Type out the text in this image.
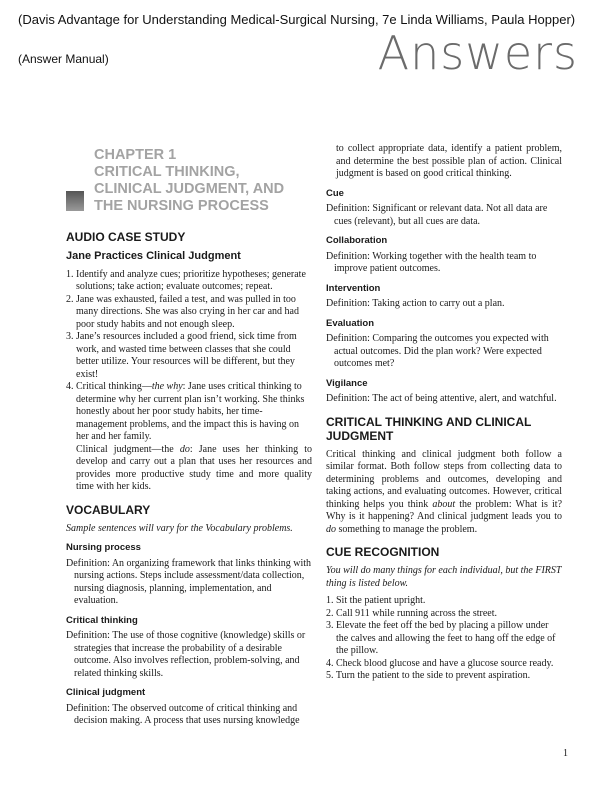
(Davis Advantage for Understanding Medical-Surgical Nursing, 7e Linda Williams, Paula Hopper)
(Answer Manual)	Answers
CHAPTER 1
CRITICAL THINKING,
CLINICAL JUDGMENT, AND
THE NURSING PROCESS
AUDIO CASE STUDY
Jane Practices Clinical Judgment
1. Identify and analyze cues; prioritize hypotheses; generate solutions; take action; evaluate outcomes; repeat.
2. Jane was exhausted, failed a test, and was pulled in too many directions. She was also crying in her car and had poor study habits and not enough sleep.
3. Jane’s resources included a good friend, sick time from work, and wasted time between classes that she could better utilize. Your resources will be different, but they exist!
4. Critical thinking—the why: Jane uses critical thinking to determine why her current plan isn’t working. She thinks honestly about her poor study habits, her time-management problems, and the impact this is having on her and her family.

Clinical judgment—the do: Jane uses her thinking to develop and carry out a plan that uses her resources and provides more productive study time and more quality time with her kids.

VOCABULARY

Sample sentences will vary for the Vocabulary problems.

Nursing process

Definition: An organizing framework that links thinking with nursing actions. Steps include assessment/data collection, nursing diagnosis, planning, implementation, and evaluation.

Critical thinking

Definition: The use of those cognitive (knowledge) skills or strategies that increase the probability of a desirable outcome. Also involves reflection, problem-solving, and related thinking skills.

Clinical judgment

Definition: The observed outcome of critical thinking and decision making. A process that uses nursing knowledge

to collect appropriate data, identify a patient problem, and determine the best possible plan of action. Clinical judgment is based on good critical thinking.

Cue

Definition: Significant or relevant data. Not all data are cues (relevant), but all cues are data.

Collaboration

Definition: Working together with the health team to improve patient outcomes.

Intervention

Definition: Taking action to carry out a plan.

Evaluation

Definition: Comparing the outcomes you expected with actual outcomes. Did the plan work? Were expected outcomes met?

Vigilance

Definition: The act of being attentive, alert, and watchful.

CRITICAL THINKING AND CLINICAL JUDGMENT

Critical thinking and clinical judgment both follow a similar format. Both follow steps from collecting data to determining problems and outcomes, developing and taking actions, and evaluating outcomes. However, critical thinking helps you think about the problem: What is it? Why is it happening? And clinical judgment leads you to do something to manage the problem.

CUE RECOGNITION

You will do many things for each individual, but the FIRST thing is listed below.

1. Sit the patient upright.
2. Call 911 while running across the street.
3. Elevate the feet off the bed by placing a pillow under the calves and allowing the feet to hang off the edge of the pillow.
4. Check blood glucose and have a glucose source ready.
5. Turn the patient to the side to prevent aspiration.
1
